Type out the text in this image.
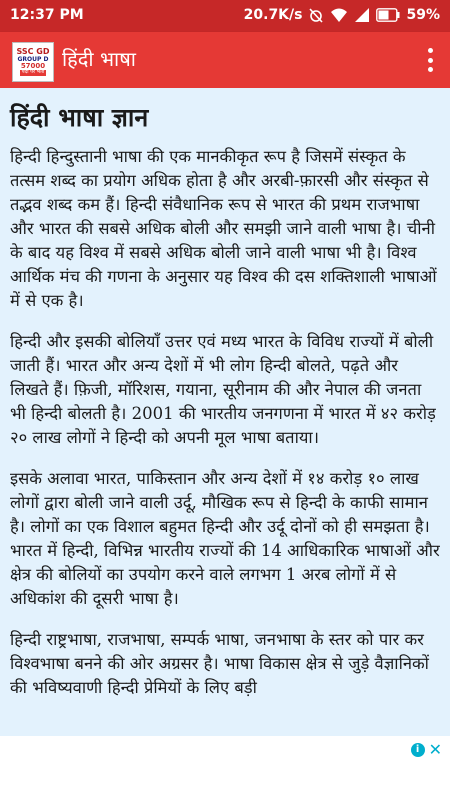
12:37 PM	20.7K/s	59%
SSC GD
GROUP D
57000
पदो पर भर्ती
हिंदी भाषा
हिंदी भाषा ज्ञान

हिन्दी हिन्दुस्तानी भाषा की एक मानकीकृत रूप है जिसमें संस्कृत के तत्सम शब्द का प्रयोग अधिक होता है और अरबी-फ़ारसी और संस्कृत से तद्भव शब्द कम हैं। हिन्दी संवैधानिक रूप से भारत की प्रथम राजभाषा और भारत की सबसे अधिक बोली और समझी जाने वाली भाषा है। चीनी के बाद यह विश्व में सबसे अधिक बोली जाने वाली भाषा भी है। विश्व आर्थिक मंच की गणना के अनुसार यह विश्व की दस शक्तिशाली भाषाओं में से एक है।

हिन्दी और इसकी बोलियाँ उत्तर एवं मध्य भारत के विविध राज्यों में बोली जाती हैं। भारत और अन्य देशों में भी लोग हिन्दी बोलते, पढ़ते और लिखते हैं। फ़िजी, मॉरिशस, गयाना, सूरीनाम की और नेपाल की जनता भी हिन्दी बोलती है। 2001 की भारतीय जनगणना में भारत में ४२ करोड़ २० लाख लोगों ने हिन्दी को अपनी मूल भाषा बताया।

इसके अलावा भारत, पाकिस्तान और अन्य देशों में १४ करोड़ १० लाख लोगों द्वारा बोली जाने वाली उर्दू, मौखिक रूप से हिन्दी के काफी सामान है। लोगों का एक विशाल बहुमत हिन्दी और उर्दू दोनों को ही समझता है। भारत में हिन्दी, विभिन्न भारतीय राज्यों की 14 आधिकारिक भाषाओं और क्षेत्र की बोलियों का उपयोग करने वाले लगभग 1 अरब लोगों में से अधिकांश की दूसरी भाषा है।

हिन्दी राष्ट्रभाषा, राजभाषा, सम्पर्क भाषा, जनभाषा के स्तर को पार कर विश्वभाषा बनने की ओर अग्रसर है। भाषा विकास क्षेत्र से जुड़े वैज्ञानिकों की भविष्यवाणी हिन्दी प्रेमियों के लिए बड़ी

i ✕
